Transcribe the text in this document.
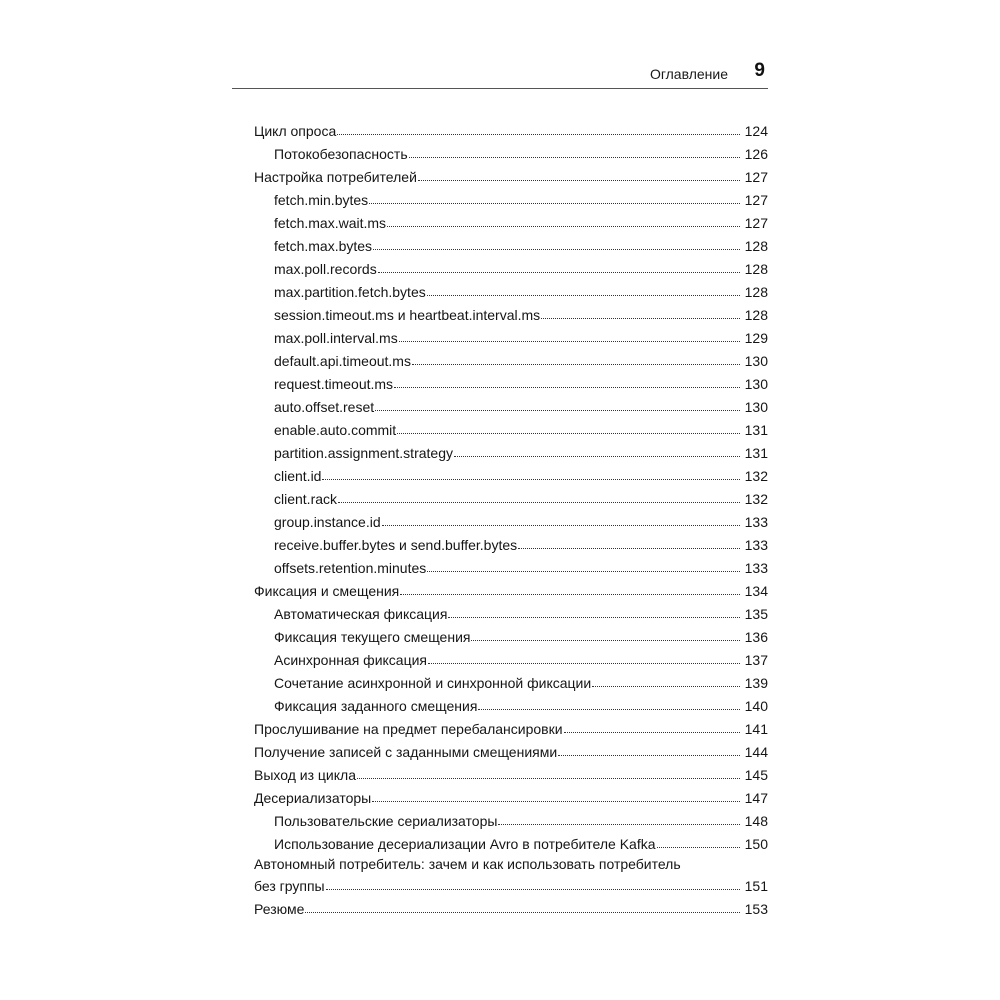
Оглавление 9
Цикл опроса	124
Потокобезопасность	126
Настройка потребителей	127
fetch.min.bytes	127
fetch.max.wait.ms	127
fetch.max.bytes	128
max.poll.records	128
max.partition.fetch.bytes	128
session.timeout.ms и heartbeat.interval.ms	128
max.poll.interval.ms	129
default.api.timeout.ms	130
request.timeout.ms	130
auto.offset.reset	130
enable.auto.commit	131
partition.assignment.strategy	131
client.id	132
client.rack	132
group.instance.id	133
receive.buffer.bytes и send.buffer.bytes	133
offsets.retention.minutes	133
Фиксация и смещения	134
Автоматическая фиксация	135
Фиксация текущего смещения	136
Асинхронная фиксация	137
Сочетание асинхронной и синхронной фиксации	139
Фиксация заданного смещения	140
Прослушивание на предмет перебалансировки	141
Получение записей с заданными смещениями	144
Выход из цикла	145
Десериализаторы	147
Пользовательские сериализаторы	148
Использование десериализации Avro в потребителе Kafka	150
Автономный потребитель: зачем и как использовать потребитель
без группы	151
Резюме	153
